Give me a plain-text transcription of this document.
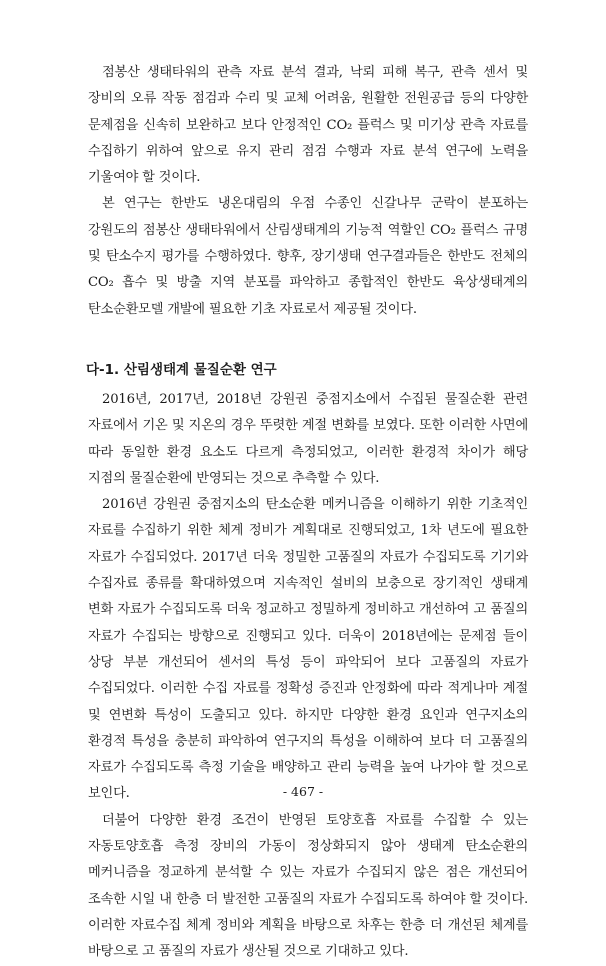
점봉산 생태타워의 관측 자료 분석 결과, 낙뢰 피해 복구, 관측 센서 및 장비의 오류 작동 점검과 수리 및 교체 어려움, 원활한 전원공급 등의 다양한 문제점을 신속히 보완하고 보다 안정적인 CO₂ 플럭스 및 미기상 관측 자료를 수집하기 위하여 앞으로 유지 관리 점검 수행과 자료 분석 연구에 노력을 기울여야 할 것이다.

본 연구는 한반도 냉온대림의 우점 수종인 신갈나무 군락이 분포하는 강원도의 점봉산 생태타워에서 산림생태계의 기능적 역할인 CO₂ 플럭스 규명 및 탄소수지 평가를 수행하였다. 향후, 장기생태 연구결과들은 한반도 전체의 CO₂ 흡수 및 방출 지역 분포를 파악하고 종합적인 한반도 육상생태계의 탄소순환모델 개발에 필요한 기초 자료로서 제공될 것이다.

다-1. 산림생태계 물질순환 연구

2016년, 2017년, 2018년 강원권 중점지소에서 수집된 물질순환 관련 자료에서 기온 및 지온의 경우 뚜렷한 계절 변화를 보였다. 또한 이러한 사면에 따라 동일한 환경 요소도 다르게 측정되었고, 이러한 환경적 차이가 해당 지점의 물질순환에 반영되는 것으로 추측할 수 있다.

2016년 강원권 중점지소의 탄소순환 메커니즘을 이해하기 위한 기초적인 자료를 수집하기 위한 체계 정비가 계획대로 진행되었고, 1차 년도에 필요한 자료가 수집되었다. 2017년 더욱 정밀한 고품질의 자료가 수집되도록 기기와 수집자료 종류를 확대하였으며 지속적인 설비의 보충으로 장기적인 생태계 변화 자료가 수집되도록 더욱 정교하고 정밀하게 정비하고 개선하여 고 품질의 자료가 수집되는 방향으로 진행되고 있다. 더욱이 2018년에는 문제점 들이 상당 부분 개선되어 센서의 특성 등이 파악되어 보다 고품질의 자료가 수집되었다. 이러한 수집 자료를 정확성 증진과 안정화에 따라 적게나마 계절 및 연변화 특성이 도출되고 있다. 하지만 다양한 환경 요인과 연구지소의 환경적 특성을 충분히 파악하여 연구지의 특성을 이해하여 보다 더 고품질의 자료가 수집되도록 측정 기술을 배양하고 관리 능력을 높여 나가야 할 것으로 보인다.

더불어 다양한 환경 조건이 반영된 토양호흡 자료를 수집할 수 있는 자동토양호흡 측정 장비의 가동이 정상화되지 않아 생태계 탄소순환의 메커니즘을 정교하게 분석할 수 있는 자료가 수집되지 않은 점은 개선되어 조속한 시일 내 한층 더 발전한 고품질의 자료가 수집되도록 하여야 할 것이다. 이러한 자료수집 체계 정비와 계획을 바탕으로 차후는 한층 더 개선된 체계를 바탕으로 고 품질의 자료가 생산될 것으로 기대하고 있다.

- 467 -
